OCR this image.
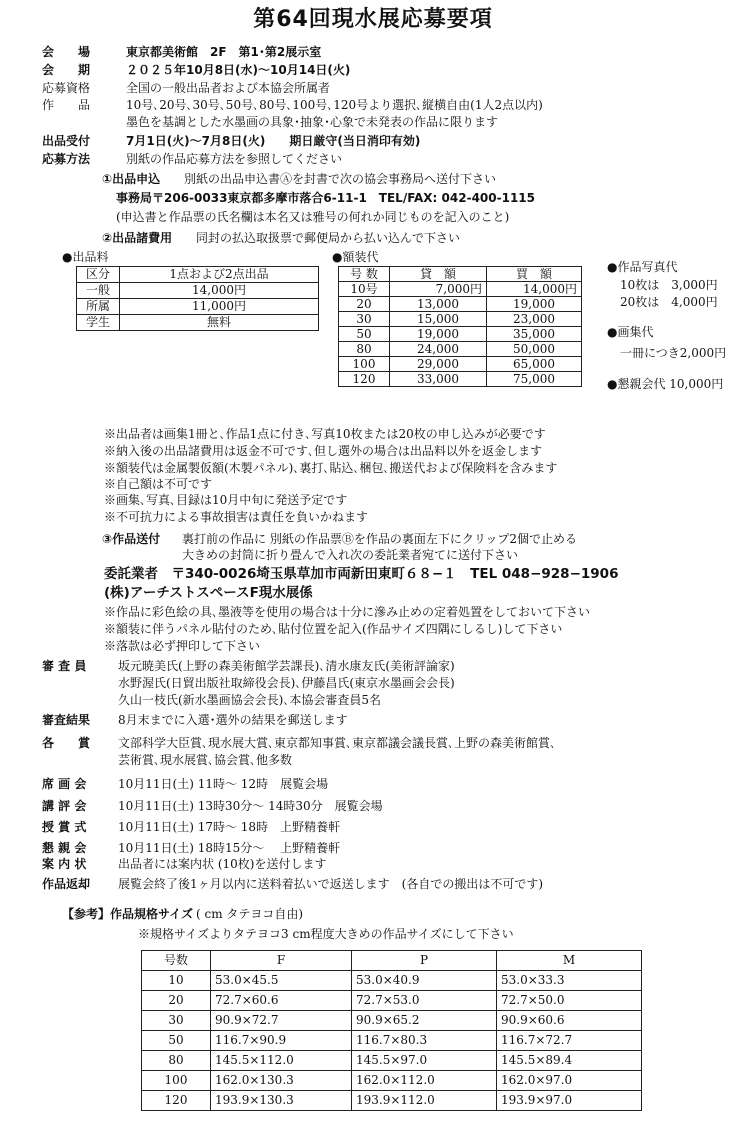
第64回現水展応募要項
会　　場	東京都美術館　2F　第1･第2展示室
会　　期	２０２５年10月8日(水)～10月14日(火)
応募資格	全国の一般出品者および本協会所属者
作　　品	10号､20号､30号､50号､80号､100号､120号より選択､縦横自由(1人2点以内)
墨色を基調とした水墨画の具象･抽象･心象で未発表の作品に限ります
出品受付	7月1日(火)～7月8日(火)　　期日厳守(当日消印有効)
応募方法	別紙の作品応募方法を参照してください
①出品申込 別紙の出品申込書Ⓐを封書で次の協会事務局へ送付下さい
事務局〒206-0033東京都多摩市落合6-11-1　TEL/FAX: 042-400-1115
(申込書と作品票の氏名欄は本名又は雅号の何れか同じものを記入のこと)
②出品諸費用 同封の払込取扱票で郵便局から払い込んで下さい
●出品料
区分	1点および2点出品
一般	14,000円
所属	11,000円
学生	無料
●額装代
号 数	貸　額	買　額
10号	7,000円	14,000円
20	13,000	19,000
30	15,000	23,000
50	19,000	35,000
80	24,000	50,000
100	29,000	65,000
120	33,000	75,000
●作品写真代
10枚は　3,000円
20枚は　4,000円
●画集代
一冊につき2,000円
●懇親会代 10,000円
※出品者は画集1冊と､作品1点に付き､写真10枚または20枚の申し込みが必要です
※納入後の出品諸費用は返金不可です､但し選外の場合は出品料以外を返金します
※額装代は金属製仮額(木製パネル)､裏打､貼込､梱包､搬送代および保険料を含みます
※自己額は不可です
※画集､写真､目録は10月中旬に発送予定です
※不可抗力による事故損害は責任を負いかねます
③作品送付 裏打前の作品に 別紙の作品票Ⓑを作品の裏面左下にクリップ2個で止める
大きめの封筒に折り畳んで入れ次の委託業者宛てに送付下さい
委託業者　〒340-0026埼玉県草加市両新田東町６８−１　TEL 048−928−1906
(株)アーチストスペースF現水展係
※作品に彩色絵の具､墨液等を使用の場合は十分に滲み止めの定着処置をしておいて下さい
※額装に伴うパネル貼付のため､貼付位置を記入(作品サイズ四隅にしるし)して下さい
※落款は必ず押印して下さい
審 査 員	坂元暁美氏(上野の森美術館学芸課長)､清水康友氏(美術評論家)
水野渥氏(日貿出版社取締役会長)､伊藤昌氏(東京水墨画会会長)
久山一枝氏(新水墨画協会会長)､本協会審査員5名
審査結果 8月末までに入選･選外の結果を郵送します
各　　賞 文部科学大臣賞､現水展大賞､東京都知事賞､東京都議会議長賞､上野の森美術館賞､
芸術賞､現水展賞､協会賞､他多数
席 画 会	10月11日(土) 11時～ 12時　展覧会場
講 評 会	10月11日(土) 13時30分～ 14時30分　展覧会場
授 賞 式	10月11日(土) 17時～ 18時　上野精養軒
懇 親 会	10月11日(土) 18時15分～　 上野精養軒
案 内 状	出品者には案内状 (10枚)を送付します
作品返却 展覧会終了後1ヶ月以内に送料着払いで返送します　(各自での搬出は不可です)
【参考】作品規格サイズ ( cm タテヨコ自由)
※規格サイズよりタテヨコ3 cm程度大きめの作品サイズにして下さい
号数	F	P	M
10	53.0×45.5	53.0×40.9	53.0×33.3
20	72.7×60.6	72.7×53.0	72.7×50.0
30	90.9×72.7	90.9×65.2	90.9×60.6
50	116.7×90.9	116.7×80.3	116.7×72.7
80	145.5×112.0	145.5×97.0	145.5×89.4
100	162.0×130.3	162.0×112.0	162.0×97.0
120	193.9×130.3	193.9×112.0	193.9×97.0
